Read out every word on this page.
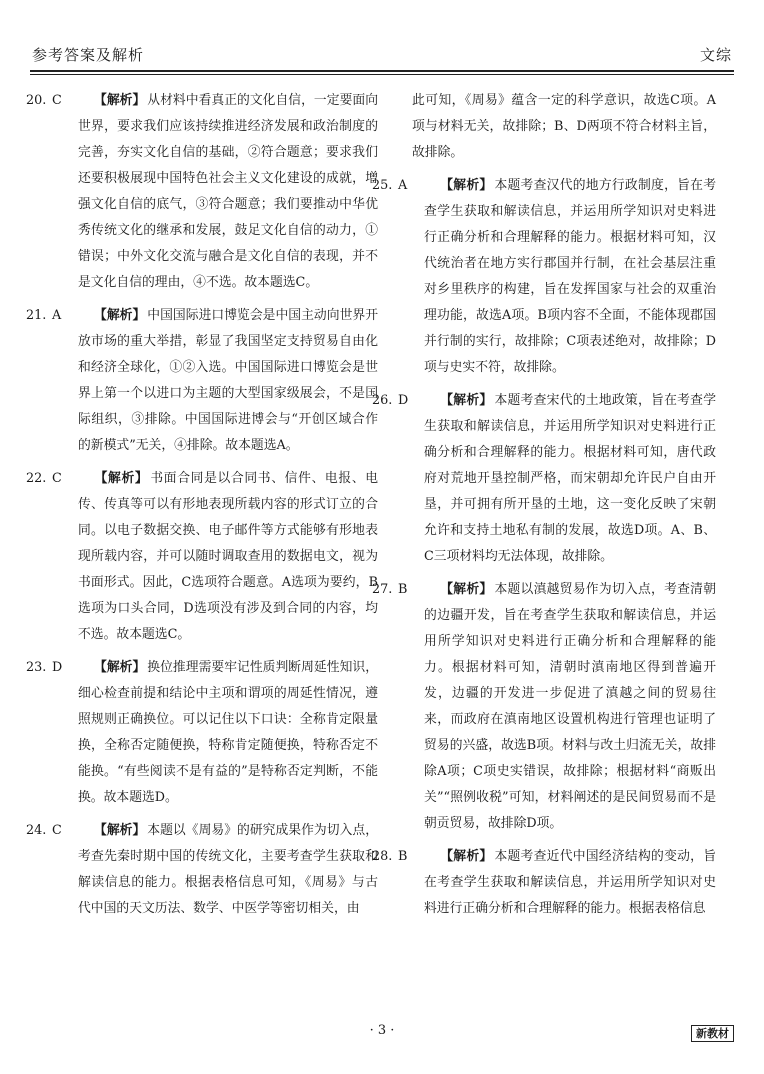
参考答案及解析	文综
20. C	【解析】 从材料中看真正的文化自信，一定要面向世界，要求我们应该持续推进经济发展和政治制度的完善，夯实文化自信的基础，②符合题意；要求我们还要积极展现中国特色社会主义文化建设的成就，增强文化自信的底气，③符合题意；我们要推动中华优秀传统文化的继承和发展，鼓足文化自信的动力，①错误；中外文化交流与融合是文化自信的表现，并不是文化自信的理由，④不选。故本题选C。
21. A	【解析】 中国国际进口博览会是中国主动向世界开放市场的重大举措，彰显了我国坚定支持贸易自由化和经济全球化，①②入选。中国国际进口博览会是世界上第一个以进口为主题的大型国家级展会，不是国际组织，③排除。中国国际进博会与“开创区域合作的新模式”无关，④排除。故本题选A。
22. C	【解析】 书面合同是以合同书、信件、电报、电传、传真等可以有形地表现所载内容的形式订立的合同。以电子数据交换、电子邮件等方式能够有形地表现所载内容，并可以随时调取查用的数据电文，视为书面形式。因此，C选项符合题意。A选项为要约，B选项为口头合同，D选项没有涉及到合同的内容，均不选。故本题选C。
23. D 【解析】 换位推理需要牢记性质判断周延性知识，细心检查前提和结论中主项和谓项的周延性情况，遵照规则正确换位。可以记住以下口诀：全称肯定限量换，全称否定随便换，特称肯定随便换，特称否定不能换。“有些阅读不是有益的”是特称否定判断，不能换。故本题选D。
24. C	【解析】 本题以《周易》的研究成果作为切入点，考查先秦时期中国的传统文化，主要考查学生获取和解读信息的能力。根据表格信息可知，《周易》与古代中国的天文历法、数学、中医学等密切相关，由
此可知，《周易》蕴含一定的科学意识，故选C项。A项与材料无关，故排除；B、D两项不符合材料主旨，故排除。
25. A	【解析】 本题考查汉代的地方行政制度，旨在考查学生获取和解读信息，并运用所学知识对史料进行正确分析和合理解释的能力。根据材料可知，汉代统治者在地方实行郡国并行制，在社会基层注重对乡里秩序的构建，旨在发挥国家与社会的双重治理功能，故选A项。B项内容不全面，不能体现郡国并行制的实行，故排除；C项表述绝对，故排除；D项与史实不符，故排除。
26. D 【解析】 本题考查宋代的土地政策，旨在考查学生获取和解读信息，并运用所学知识对史料进行正确分析和合理解释的能力。根据材料可知，唐代政府对荒地开垦控制严格，而宋朝却允许民户自由开垦，并可拥有所开垦的土地，这一变化反映了宋朝允许和支持土地私有制的发展，故选D项。A、B、C三项材料均无法体现，故排除。
27. B	【解析】 本题以滇越贸易作为切入点，考查清朝的边疆开发，旨在考查学生获取和解读信息，并运用所学知识对史料进行正确分析和合理解释的能力。根据材料可知，清朝时滇南地区得到普遍开发，边疆的开发进一步促进了滇越之间的贸易往来，而政府在滇南地区设置机构进行管理也证明了贸易的兴盛，故选B项。材料与改土归流无关，故排除A项；C项史实错误，故排除；根据材料“商贩出关”“照例收税”可知，材料阐述的是民间贸易而不是朝贡贸易，故排除D项。
28. B	【解析】 本题考查近代中国经济结构的变动，旨在考查学生获取和解读信息，并运用所学知识对史料进行正确分析和合理解释的能力。根据表格信息
· 3 ·	新教材
